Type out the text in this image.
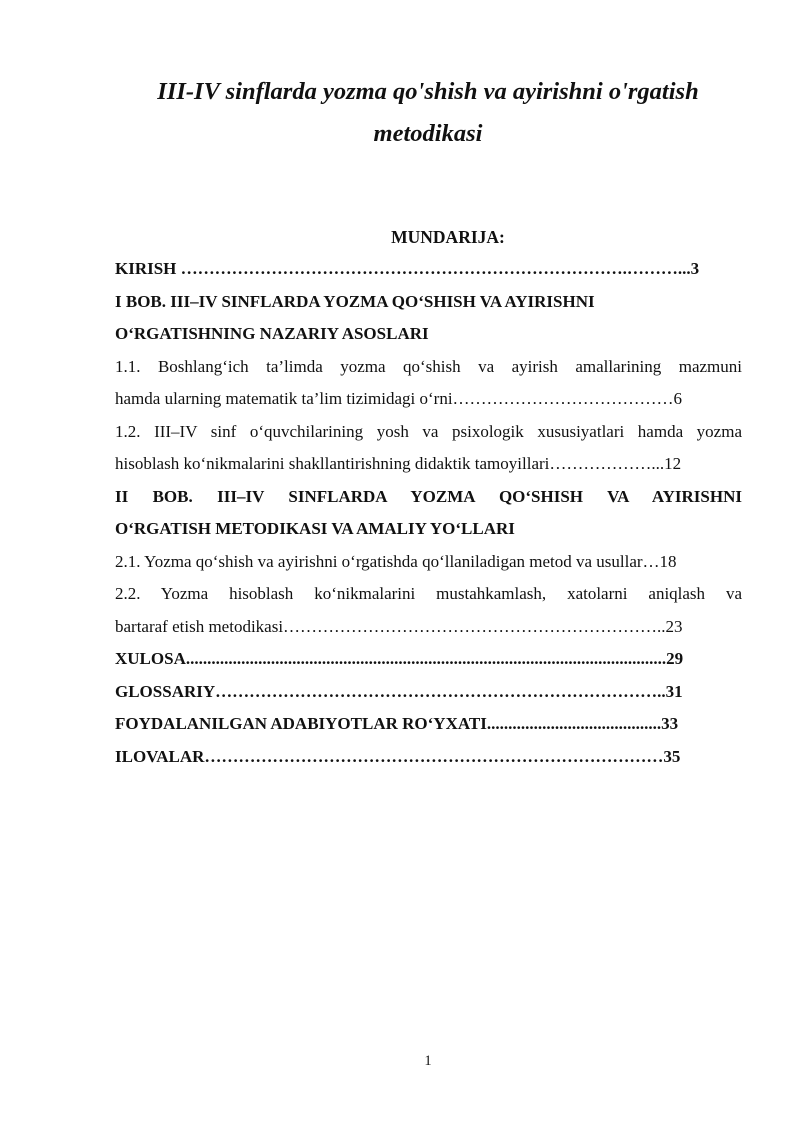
III-IV sinflarda yozma qo'shish va ayirishni o'rgatish
metodikasi
MUNDARIJA:
KIRISH …………………………………………………………………….………...3
I BOB. III–IV SINFLARDA YOZMA QO‘SHISH VA AYIRISHNI
O‘RGATISHNING NAZARIY ASOSLARI
1.1. Boshlang‘ich ta’limda yozma qo‘shish va ayirish amallarining mazmuni
hamda ularning matematik ta’lim tizimidagi o‘rni…………………………………6
1.2. III–IV sinf o‘quvchilarining yosh va psixologik xususiyatlari hamda yozma
hisoblash ko‘nikmalarini shakllantirishning didaktik tamoyillari………………...12
II BOB. III–IV SINFLARDA YOZMA QO‘SHISH VA AYIRISHNI
O‘RGATISH METODIKASI VA AMALIY YO‘LLARI
2.1. Yozma qo‘shish va ayirishni o‘rgatishda qo‘llaniladigan metod va usullar…18
2.2. Yozma hisoblash ko‘nikmalarini mustahkamlash, xatolarni aniqlash va
bartaraf etish metodikasi…………………………………………………………..23
XULOSA.................................................................................................................29
GLOSSARIY……………………………………………………………………..31
FOYDALANILGAN ADABIYOTLAR RO‘YXATI.........................................33
ILOVALAR………………………………………………………………………35
1
